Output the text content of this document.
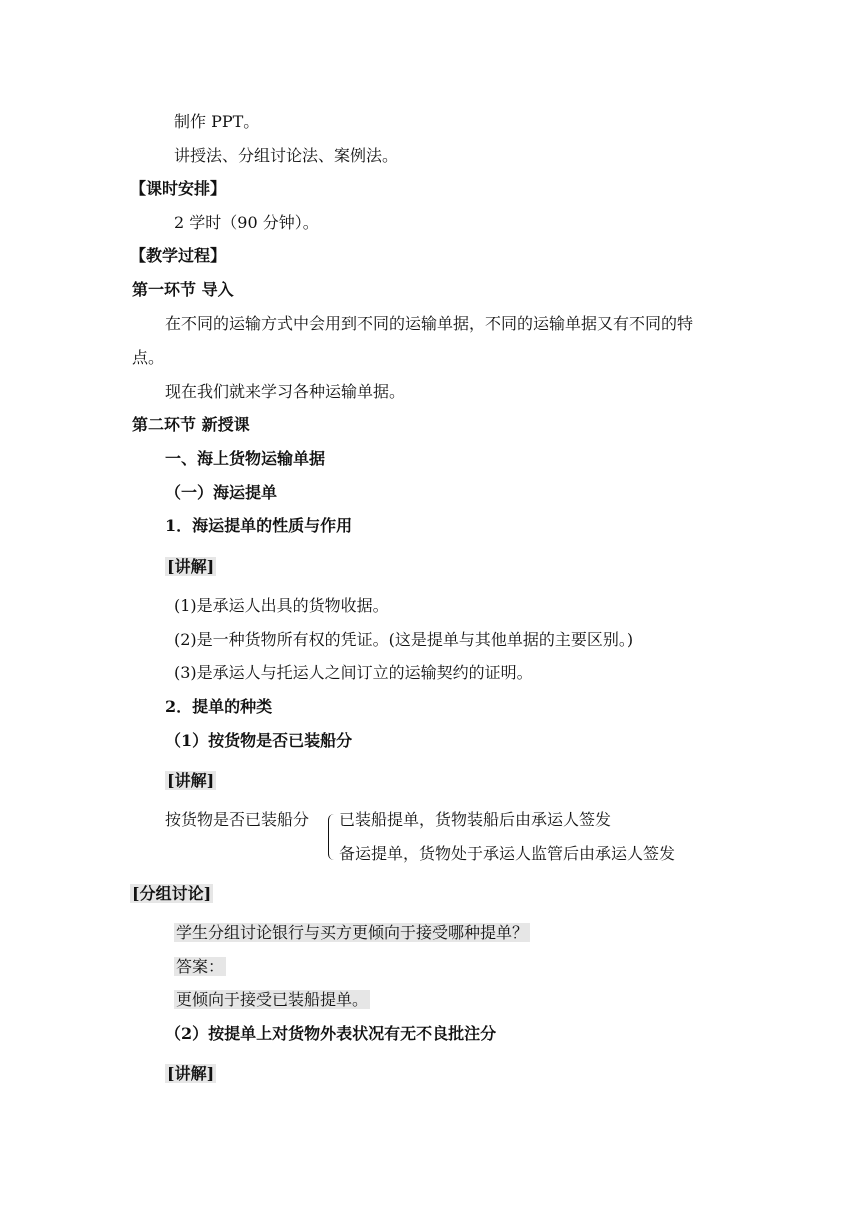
制作 PPT。
讲授法、分组讨论法、案例法。
【课时安排】
2 学时（90 分钟）。
【教学过程】
第一环节 导入
在不同的运输方式中会用到不同的运输单据，不同的运输单据又有不同的特
点。
现在我们就来学习各种运输单据。
第二环节 新授课
一、海上货物运输单据
（一）海运提单
1．海运提单的性质与作用
[讲解]
(1)是承运人出具的货物收据。
(2)是一种货物所有权的凭证。(这是提单与其他单据的主要区别。)
(3)是承运人与托运人之间订立的运输契约的证明。
2．提单的种类
（1）按货物是否已装船分
[讲解]
按货物是否已装船分 已装船提单，货物装船后由承运人签发
备运提单，货物处于承运人监管后由承运人签发
[分组讨论]
学生分组讨论银行与买方更倾向于接受哪种提单？
答案：
更倾向于接受已装船提单。
（2）按提单上对货物外表状况有无不良批注分
[讲解]
